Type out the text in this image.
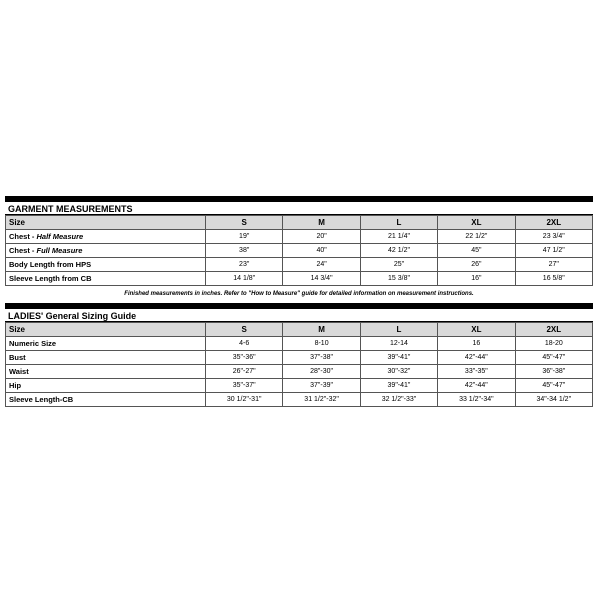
GARMENT MEASUREMENTS
Size	S	M	L	XL	2XL
Chest - Half Measure	19"	20"	21 1/4"	22 1/2"	23 3/4"
Chest - Full Measure	38"	40"	42 1/2"	45"	47 1/2"
Body Length from HPS	23"	24"	25"	26"	27"
Sleeve Length from CB	14 1/8"	14 3/4"	15 3/8"	16"	16 5/8"
Finished measurements in inches. Refer to "How to Measure" guide for detailed information on measurement instructions.
LADIES' General Sizing Guide
Size	S	M	L	XL	2XL
Numeric Size	4-6	8-10	12-14	16	18-20
Bust	35"-36"	37"-38"	39"-41"	42"-44"	45"-47"
Waist	26"-27"	28"-30"	30"-32"	33"-35"	36"-38"
Hip	35"-37"	37"-39"	39"-41"	42"-44"	45"-47"
Sleeve Length-CB	30 1/2"-31"	31 1/2"-32"	32 1/2"-33"	33 1/2"-34"	34"-34 1/2"
